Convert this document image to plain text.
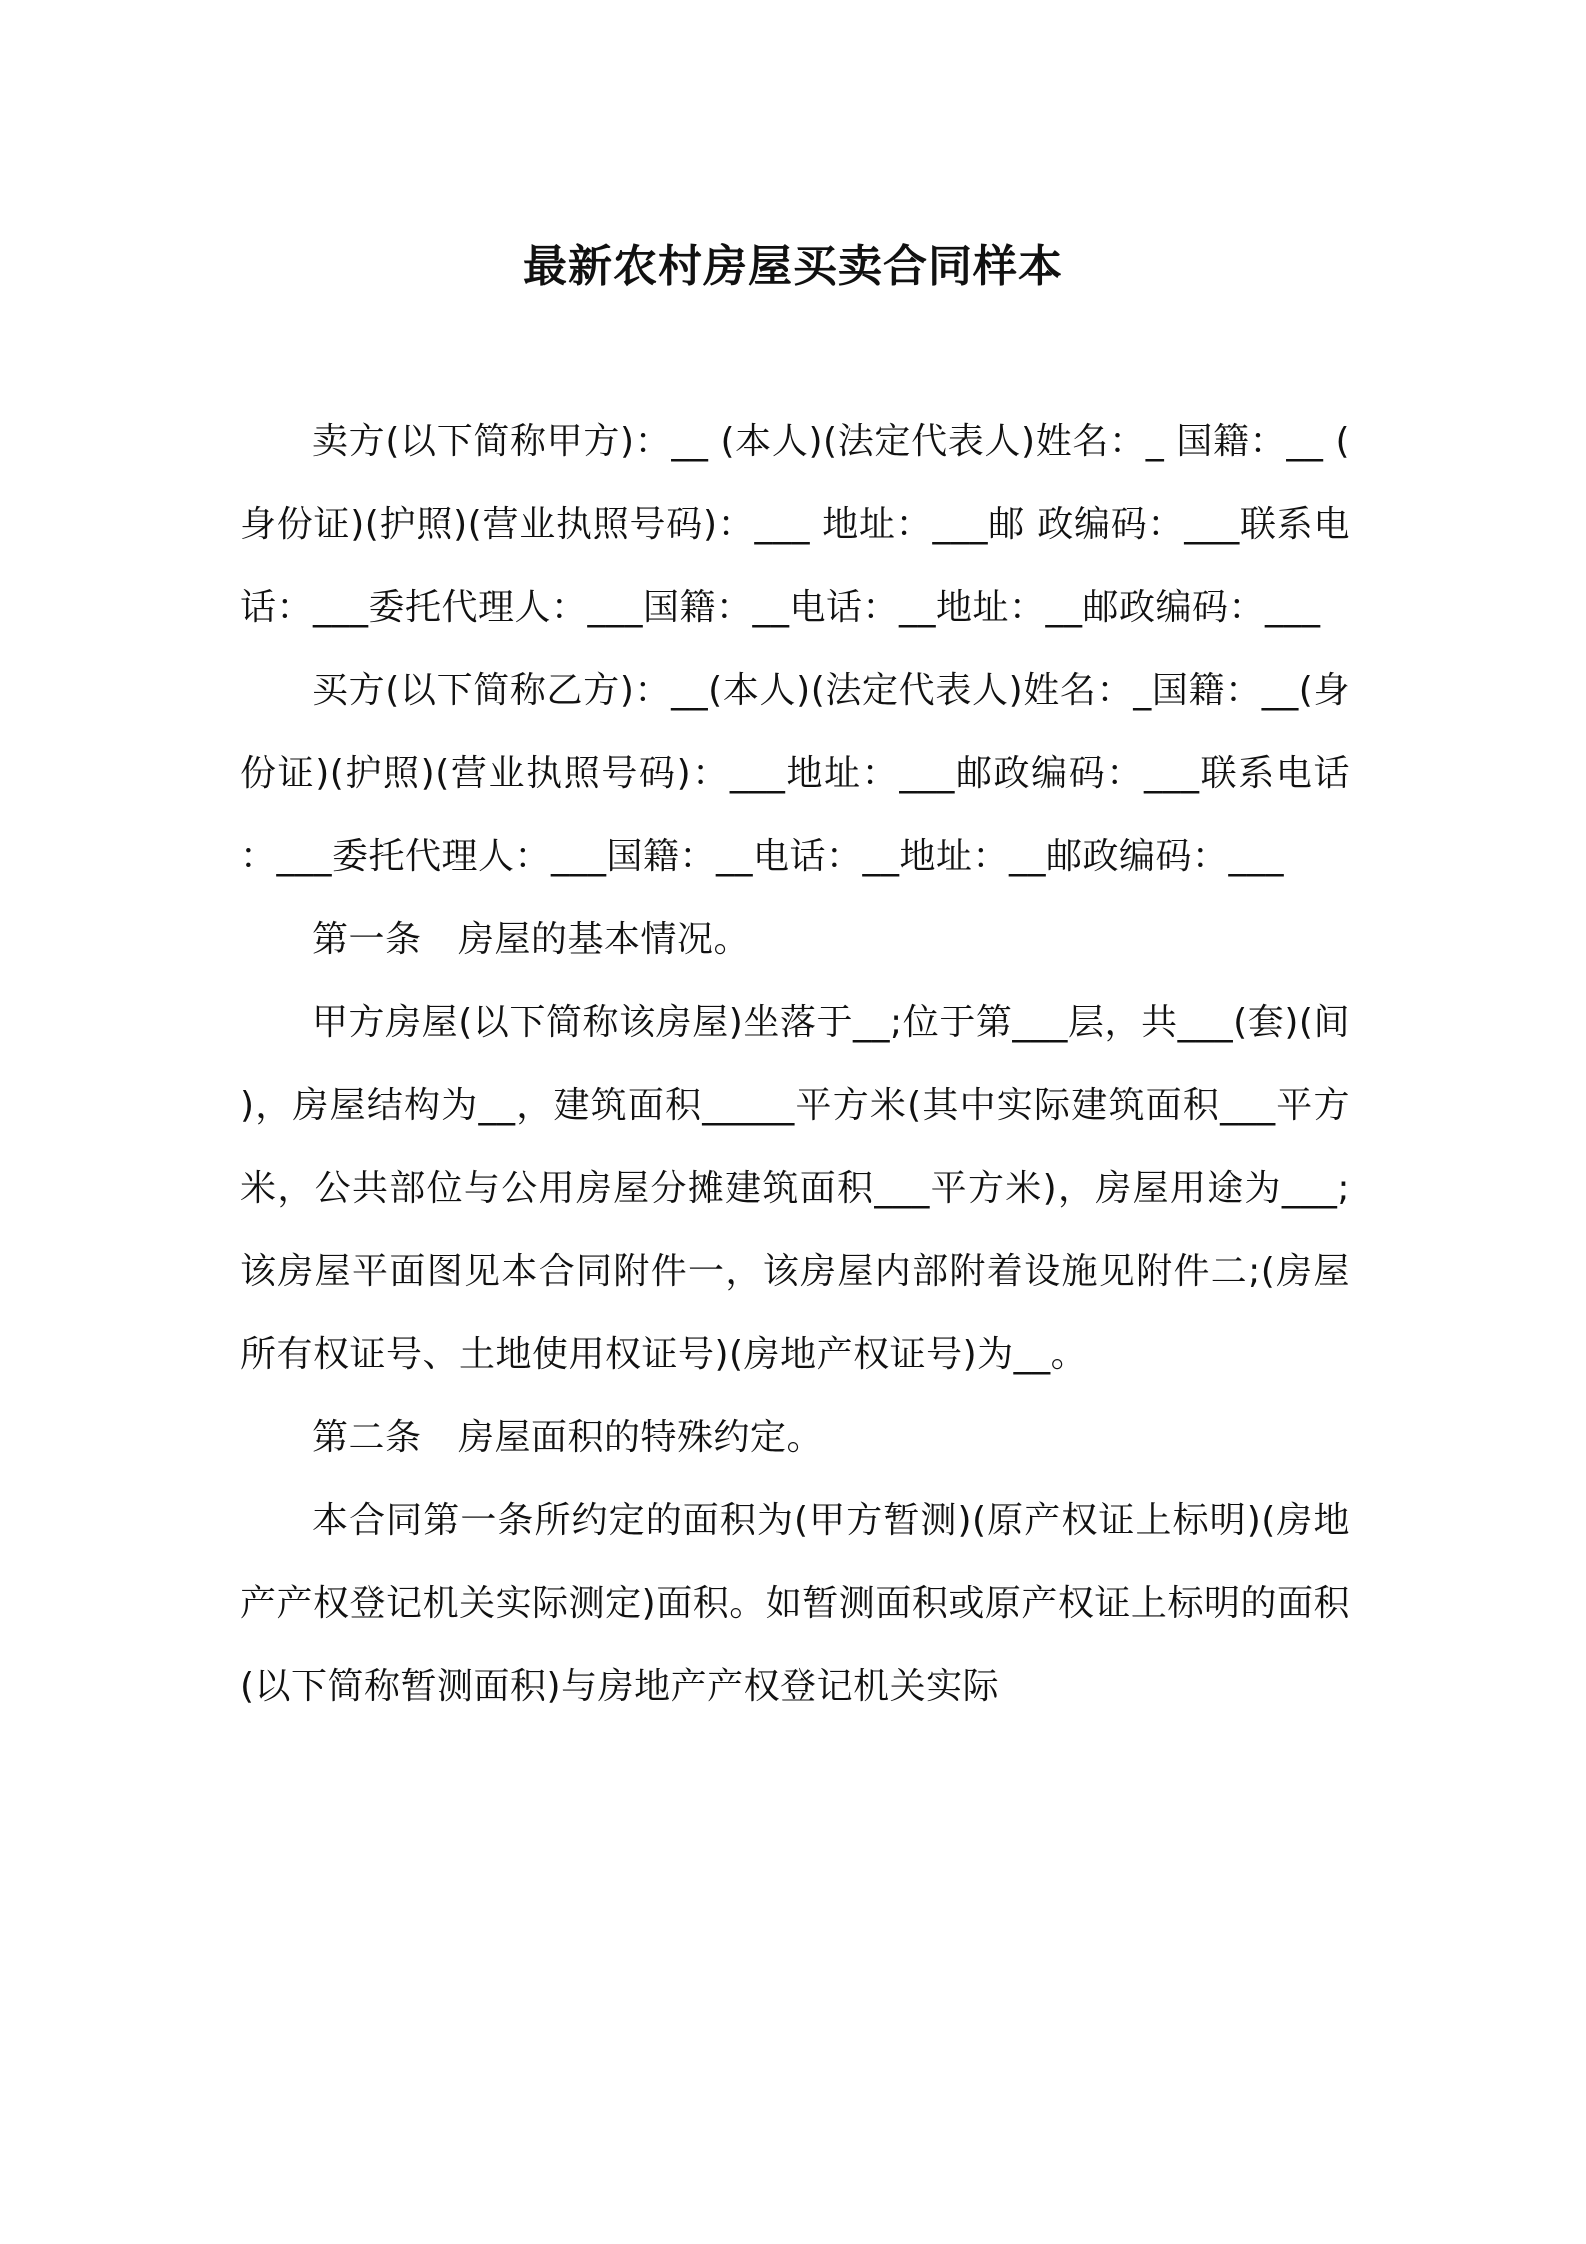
最新农村房屋买卖合同样本

卖方(以下简称甲方)：__ (本人)(法定代表人)姓名：_ 国籍：__ (身份证)(护照)(营业执照号码)：___ 地址：___邮 政编码：___联系电话：___委托代理人：___国籍：__电话：__地址：__邮政编码：___

买方(以下简称乙方)：__(本人)(法定代表人)姓名：_国籍：__(身份证)(护照)(营业执照号码)：___地址：___邮政编码：___联系电话：___委托代理人：___国籍：__电话：__地址：__邮政编码：___

第一条　房屋的基本情况。

甲方房屋(以下简称该房屋)坐落于__;位于第___层，共___(套)(间)，房屋结构为__，建筑面积_____平方米(其中实际建筑面积___平方米，公共部位与公用房屋分摊建筑面积___平方米)，房屋用途为___;该房屋平面图见本合同附件一，该房屋内部附着设施见附件二;(房屋所有权证号、土地使用权证号)(房地产权证号)为__。

第二条　房屋面积的特殊约定。

本合同第一条所约定的面积为(甲方暂测)(原产权证上标明)(房地产产权登记机关实际测定)面积。如暂测面积或原产权证上标明的面积(以下简称暂测面积)与房地产产权登记机关实际
